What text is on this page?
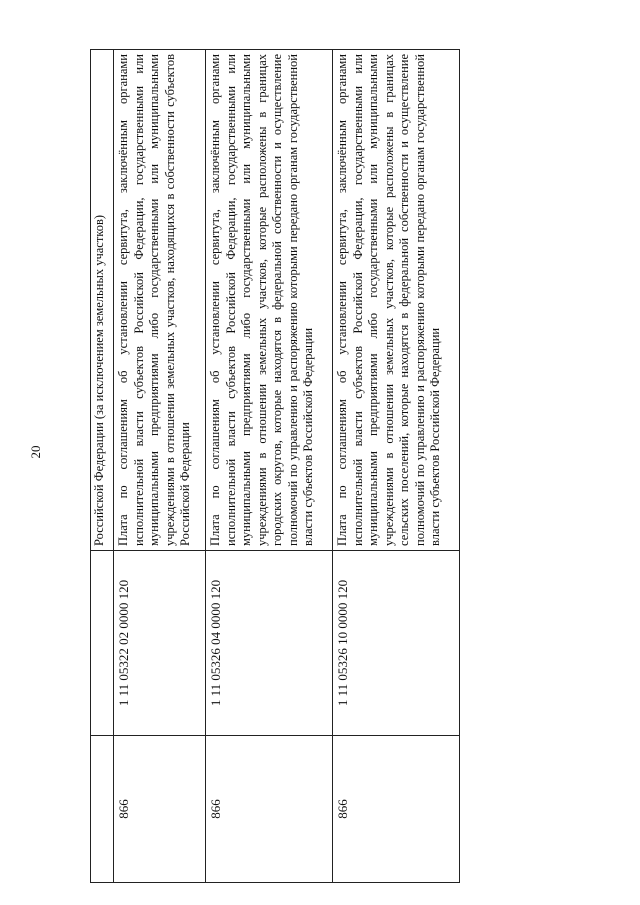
20
			Российской Федерации (за исключением земельных участков)
866	1 11 05322 02 0000 120	Плата по соглашениям об установлении сервитута, заключённым органами исполнительной власти субъектов Российской Федерации, государственными или муниципальными предприятиями либо государственными или муниципальными учреждениями в отношении земельных участков, находящихся в собственности субъектов Российской Федерации
866	1 11 05326 04 0000 120	Плата по соглашениям об установлении сервитута, заключённым органами исполнительной власти субъектов Российской Федерации, государственными или муниципальными предприятиями либо государственными или муниципальными учреждениями в отношении земельных участков, которые расположены в границах городских округов, которые находятся в федеральной собственности и осуществление полномочий по управлению и распоряжению которыми передано органам государственной власти субъектов Российской Федерации
866	1 11 05326 10 0000 120	Плата по соглашениям об установлении сервитута, заключённым органами исполнительной власти субъектов Российской Федерации, государственными или муниципальными предприятиями либо государственными или муниципальными учреждениями в отношении земельных участков, которые расположены в границах сельских поселений, которые находятся в федеральной собственности и осуществление полномочий по управлению и распоряжению которыми передано органам государственной власти субъектов Российской Федерации
